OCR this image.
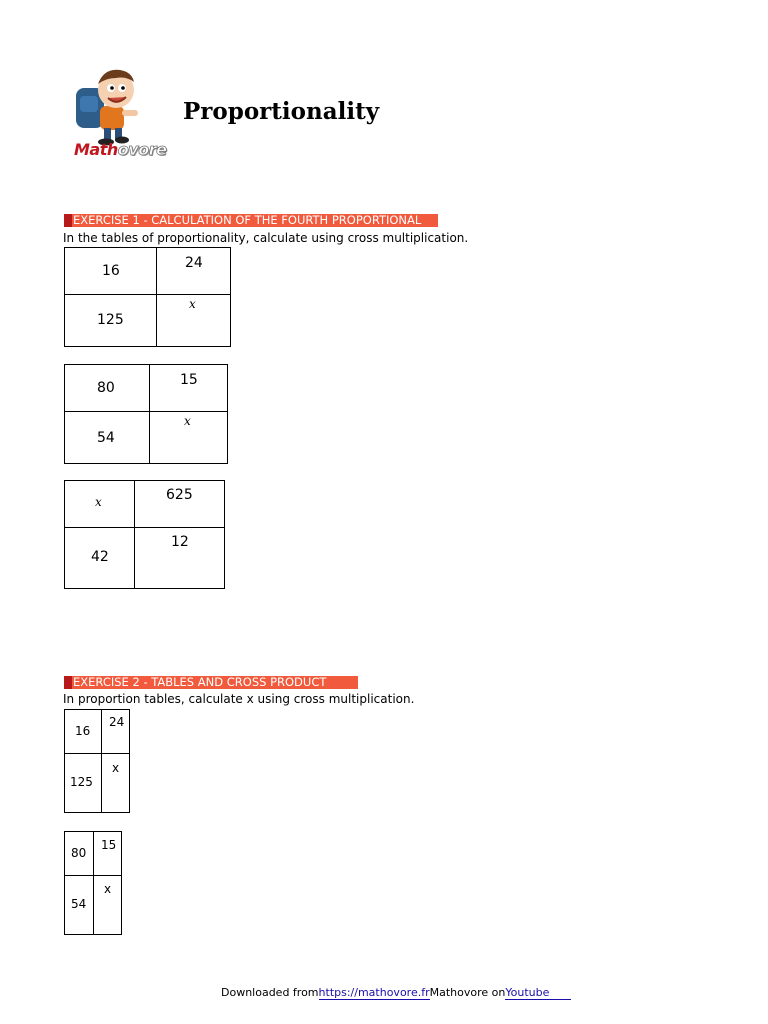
Mathovore
Proportionality
EXERCISE 1 - CALCULATION OF THE FOURTH PROPORTIONAL
In the tables of proportionality, calculate using cross multiplication.
16	24

125	x
80	15

54	x
x	625

42	12
EXERCISE 2 - TABLES AND CROSS PRODUCT
In proportion tables, calculate x using cross multiplication.
16	24

125	x
80	15

54	x
Downloaded fromhttps://mathovore.frMathovore onYoutube
